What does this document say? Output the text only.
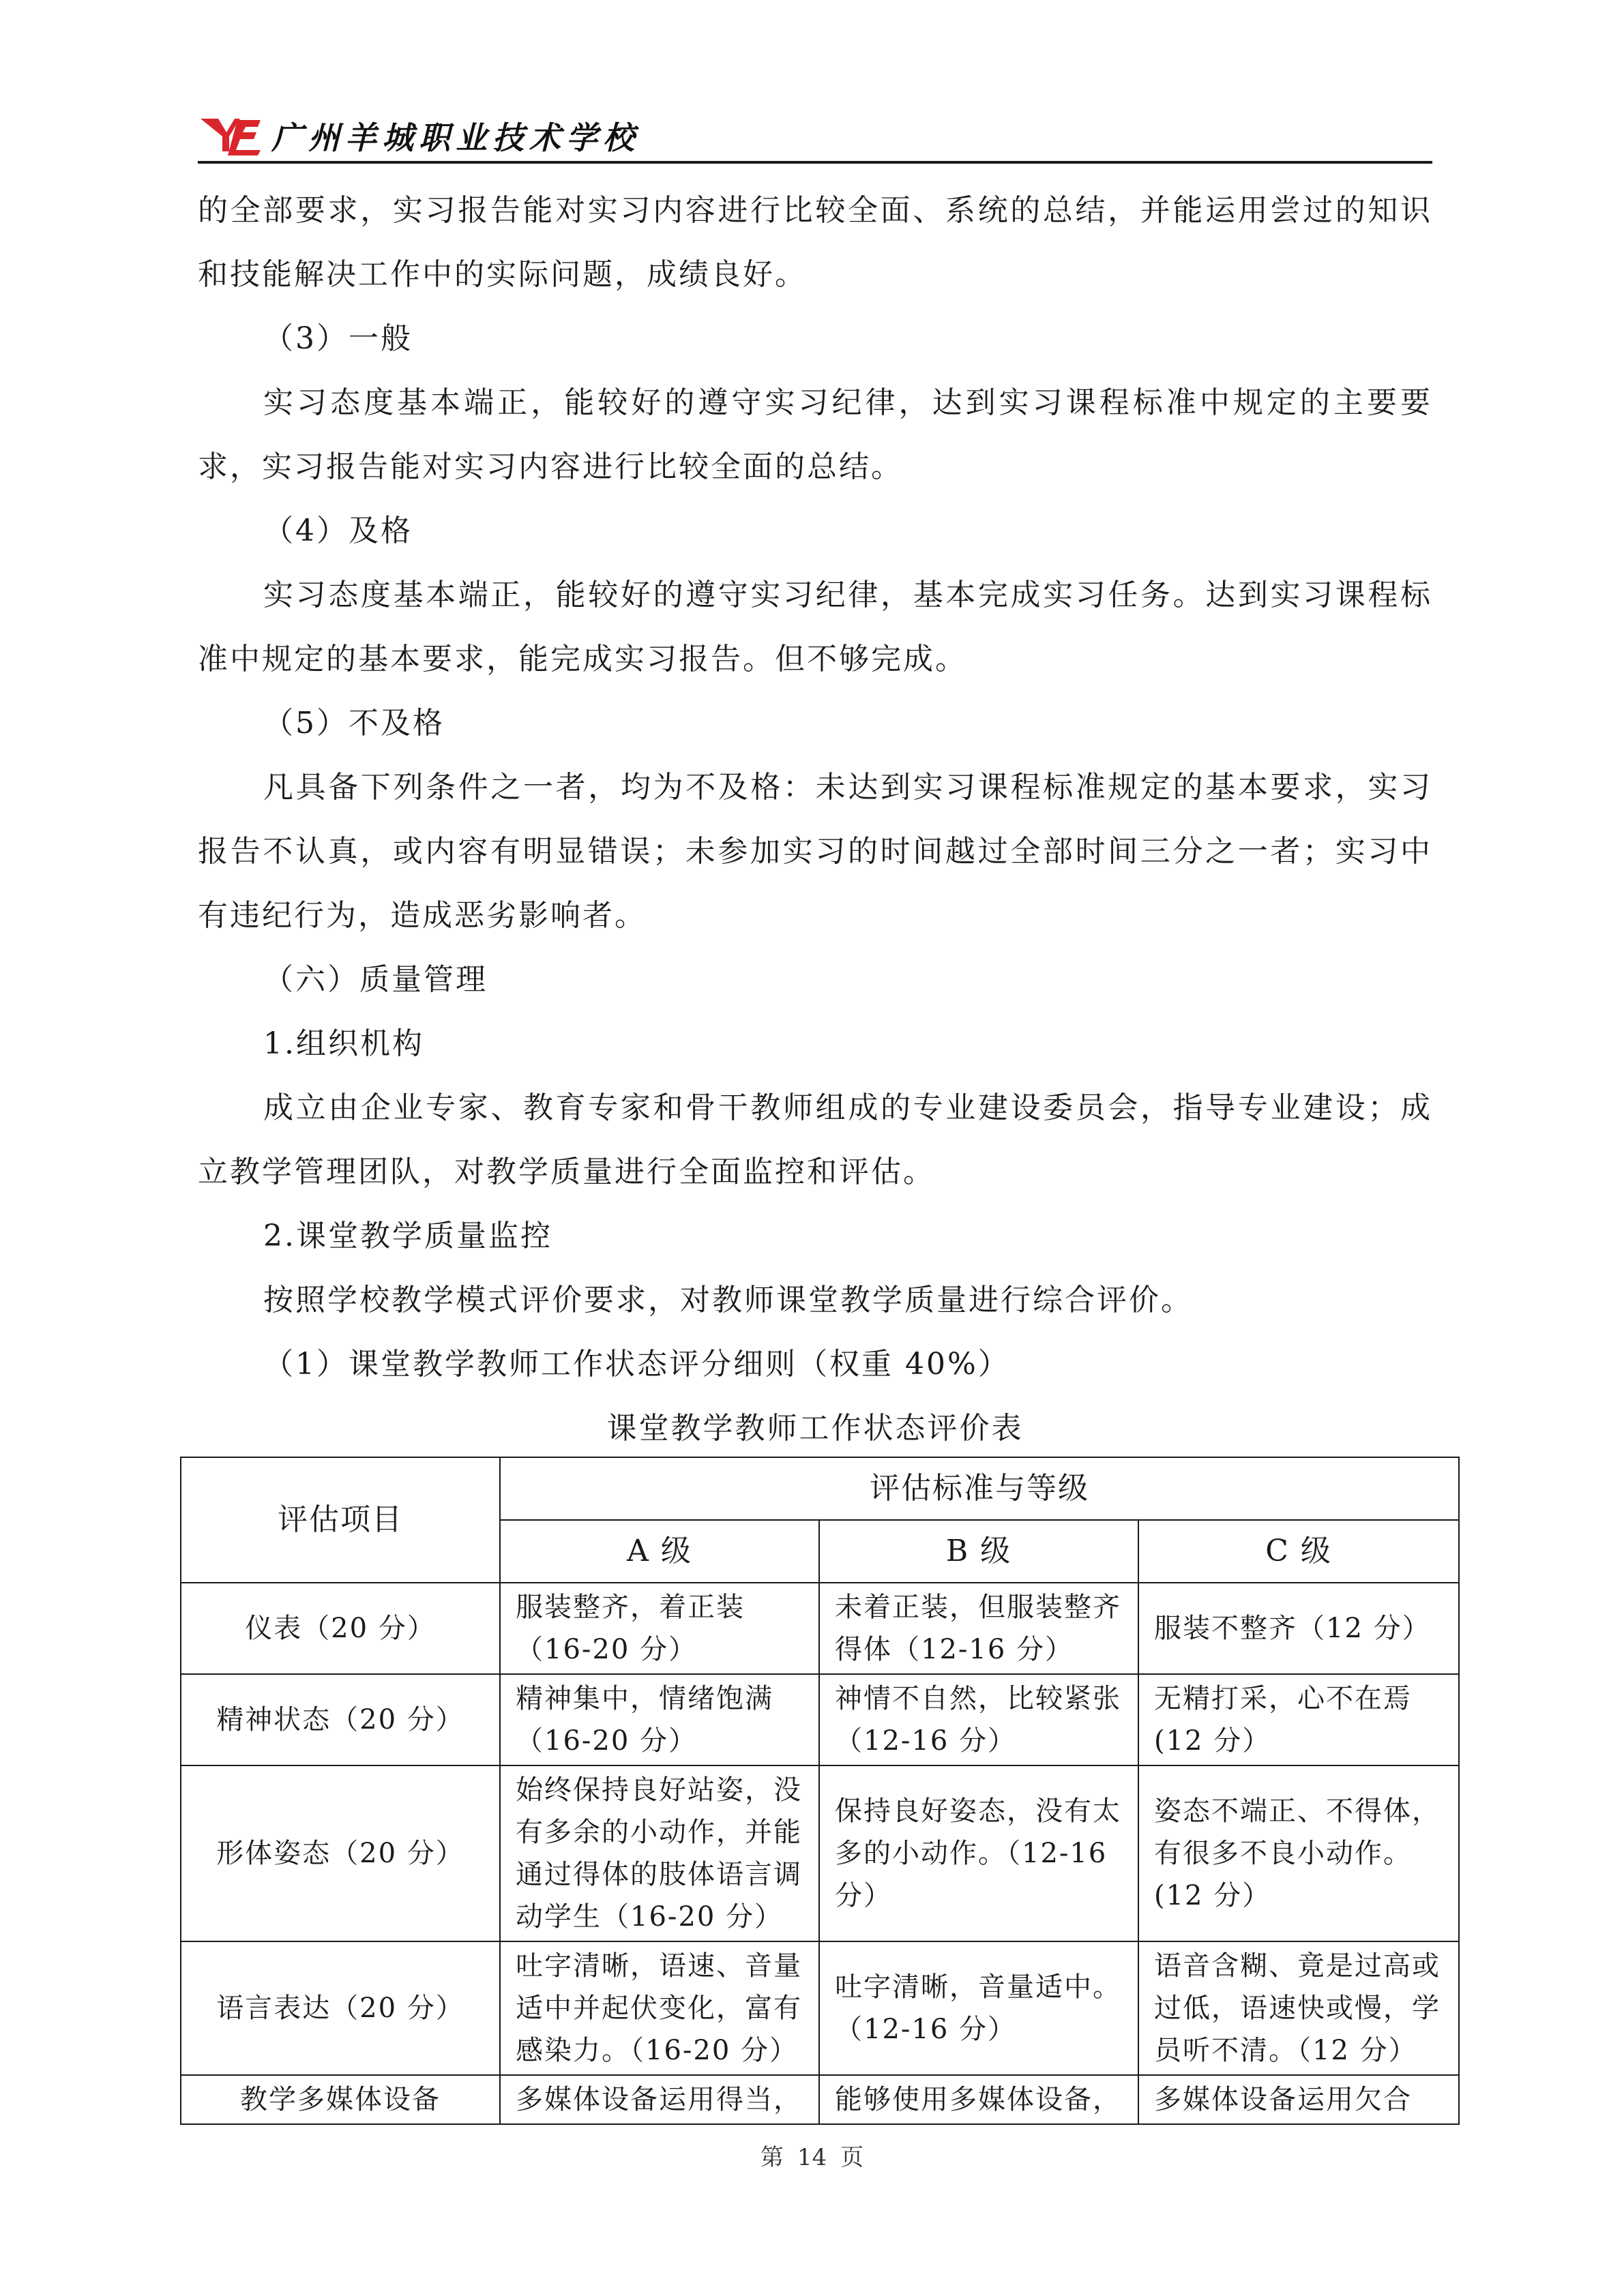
广州羊城职业技术学校

的全部要求，实习报告能对实习内容进行比较全面、系统的总结，并能运用尝过的知识和技能解决工作中的实际问题，成绩良好。

（3）一般

实习态度基本端正，能较好的遵守实习纪律，达到实习课程标准中规定的主要要求，实习报告能对实习内容进行比较全面的总结。

（4）及格

实习态度基本端正，能较好的遵守实习纪律，基本完成实习任务。达到实习课程标准中规定的基本要求，能完成实习报告。但不够完成。

（5）不及格

凡具备下列条件之一者，均为不及格：未达到实习课程标准规定的基本要求，实习报告不认真，或内容有明显错误；未参加实习的时间越过全部时间三分之一者；实习中有违纪行为，造成恶劣影响者。

（六）质量管理

1.组织机构

成立由企业专家、教育专家和骨干教师组成的专业建设委员会，指导专业建设；成立教学管理团队，对教学质量进行全面监控和评估。

2.课堂教学质量监控

按照学校教学模式评价要求，对教师课堂教学质量进行综合评价。

（1）课堂教学教师工作状态评分细则（权重 40%）

课堂教学教师工作状态评价表

评估项目	评估标准与等级		
	A 级	B 级	C 级
仪表（20 分）	服装整齐，着正装（16-20 分）	未着正装，但服装整齐得体（12-16 分）	服装不整齐（12 分）
精神状态（20 分）	精神集中，情绪饱满（16-20 分）	神情不自然，比较紧张（12-16 分）	无精打采，心不在焉(12 分）
形体姿态（20 分）	始终保持良好站姿，没有多余的小动作，并能通过得体的肢体语言调动学生（16-20 分）	保持良好姿态，没有太多的小动作。（12-16 分）	姿态不端正、不得体，有很多不良小动作。(12 分）
语言表达（20 分）	吐字清晰，语速、音量适中并起伏变化，富有感染力。（16-20 分）	吐字清晰，音量适中。（12-16 分）	语音含糊、竟是过高或过低，语速快或慢，学员听不清。（12 分）
教学多媒体设备	多媒体设备运用得当，	能够使用多媒体设备，	多媒体设备运用欠合
第 14 页
